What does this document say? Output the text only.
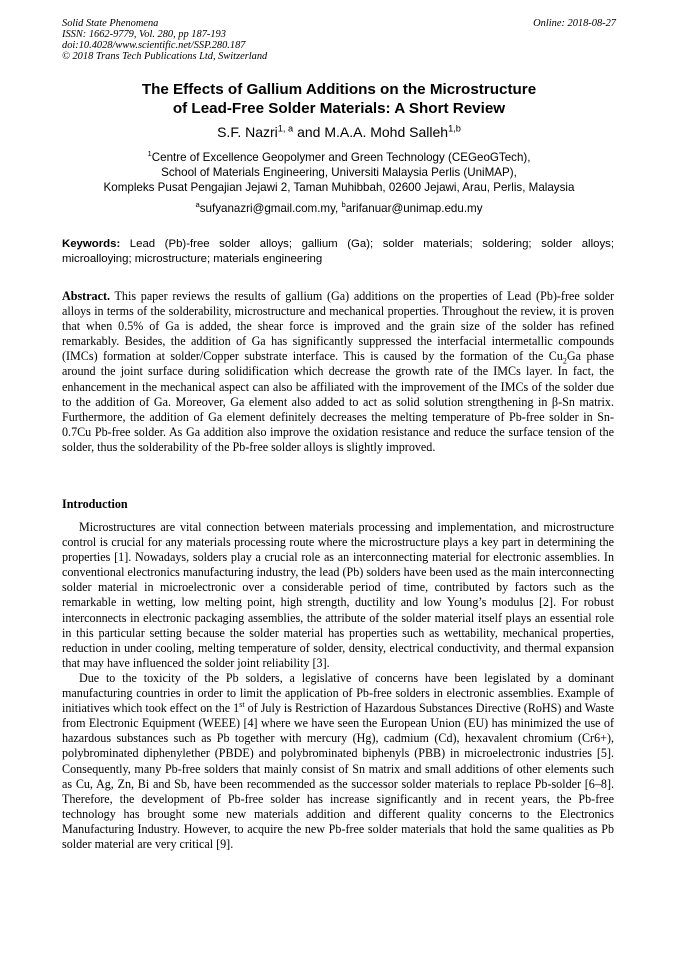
Solid State Phenomena
ISSN: 1662-9779, Vol. 280, pp 187-193
doi:10.4028/www.scientific.net/SSP.280.187
© 2018 Trans Tech Publications Ltd, Switzerland
Online: 2018-08-27
The Effects of Gallium Additions on the Microstructure
of Lead-Free Solder Materials: A Short Review
S.F. Nazri$^{1, a}$ and M.A.A. Mohd Salleh$^{1,b}$
$^1$Centre of Excellence Geopolymer and Green Technology (CEGeoGTech),
School of Materials Engineering, Universiti Malaysia Perlis (UniMAP),
Kompleks Pusat Pengajian Jejawi 2, Taman Muhibbah, 02600 Jejawi, Arau, Perlis, Malaysia
$^a$sufyanazri@gmail.com.my, $^b$arifanuar@unimap.edu.my
Keywords: Lead (Pb)-free solder alloys; gallium (Ga); solder materials; soldering; solder alloys; microalloying; microstructure; materials engineering
Abstract. This paper reviews the results of gallium (Ga) additions on the properties of Lead (Pb)-free solder alloys in terms of the solderability, microstructure and mechanical properties. Throughout the review, it is proven that when 0.5% of Ga is added, the shear force is improved and the grain size of the solder has refined remarkably. Besides, the addition of Ga has significantly suppressed the interfacial intermetallic compounds (IMCs) formation at solder/Copper substrate interface. This is caused by the formation of the $Cu_2Ga$ phase around the joint surface during solidification which decrease the growth rate of the IMCs layer. In fact, the enhancement in the mechanical aspect can also be affiliated with the improvement of the IMCs of the solder due to the addition of Ga. Moreover, Ga element also added to act as solid solution strengthening in β-Sn matrix. Furthermore, the addition of Ga element definitely decreases the melting temperature of Pb-free solder in Sn-0.7Cu Pb-free solder. As Ga addition also improve the oxidation resistance and reduce the surface tension of the solder, thus the solderability of the Pb-free solder alloys is slightly improved.
Introduction

Microstructures are vital connection between materials processing and implementation, and microstructure control is crucial for any materials processing route where the microstructure plays a key part in determining the properties [1]. Nowadays, solders play a crucial role as an interconnecting material for electronic assemblies. In conventional electronics manufacturing industry, the lead (Pb) solders have been used as the main interconnecting solder material in microelectronic over a considerable period of time, contributed by factors such as the remarkable in wetting, low melting point, high strength, ductility and low Young’s modulus [2]. For robust interconnects in electronic packaging assemblies, the attribute of the solder material itself plays an essential role in this particular setting because the solder material has properties such as wettability, mechanical properties, reduction in under cooling, melting temperature of solder, density, electrical conductivity, and thermal expansion that may have influenced the solder joint reliability [3].

Due to the toxicity of the Pb solders, a legislative of concerns have been legislated by a dominant manufacturing countries in order to limit the application of Pb-free solders in electronic assemblies. Example of initiatives which took effect on the 1st of July is Restriction of Hazardous Substances Directive (RoHS) and Waste from Electronic Equipment (WEEE) [4] where we have seen the European Union (EU) has minimized the use of hazardous substances such as Pb together with mercury (Hg), cadmium (Cd), hexavalent chromium (Cr6+), polybrominated diphenylether (PBDE) and polybrominated biphenyls (PBB) in microelectronic industries [5]. Consequently, many Pb-free solders that mainly consist of Sn matrix and small additions of other elements such as Cu, Ag, Zn, Bi and Sb, have been recommended as the successor solder materials to replace Pb-solder [6–8]. Therefore, the development of Pb-free solder has increase significantly and in recent years, the Pb-free technology has brought some new materials addition and different quality concerns to the Electronics Manufacturing Industry. However, to acquire the new Pb-free solder materials that hold the same qualities as Pb solder material are very critical [9].
